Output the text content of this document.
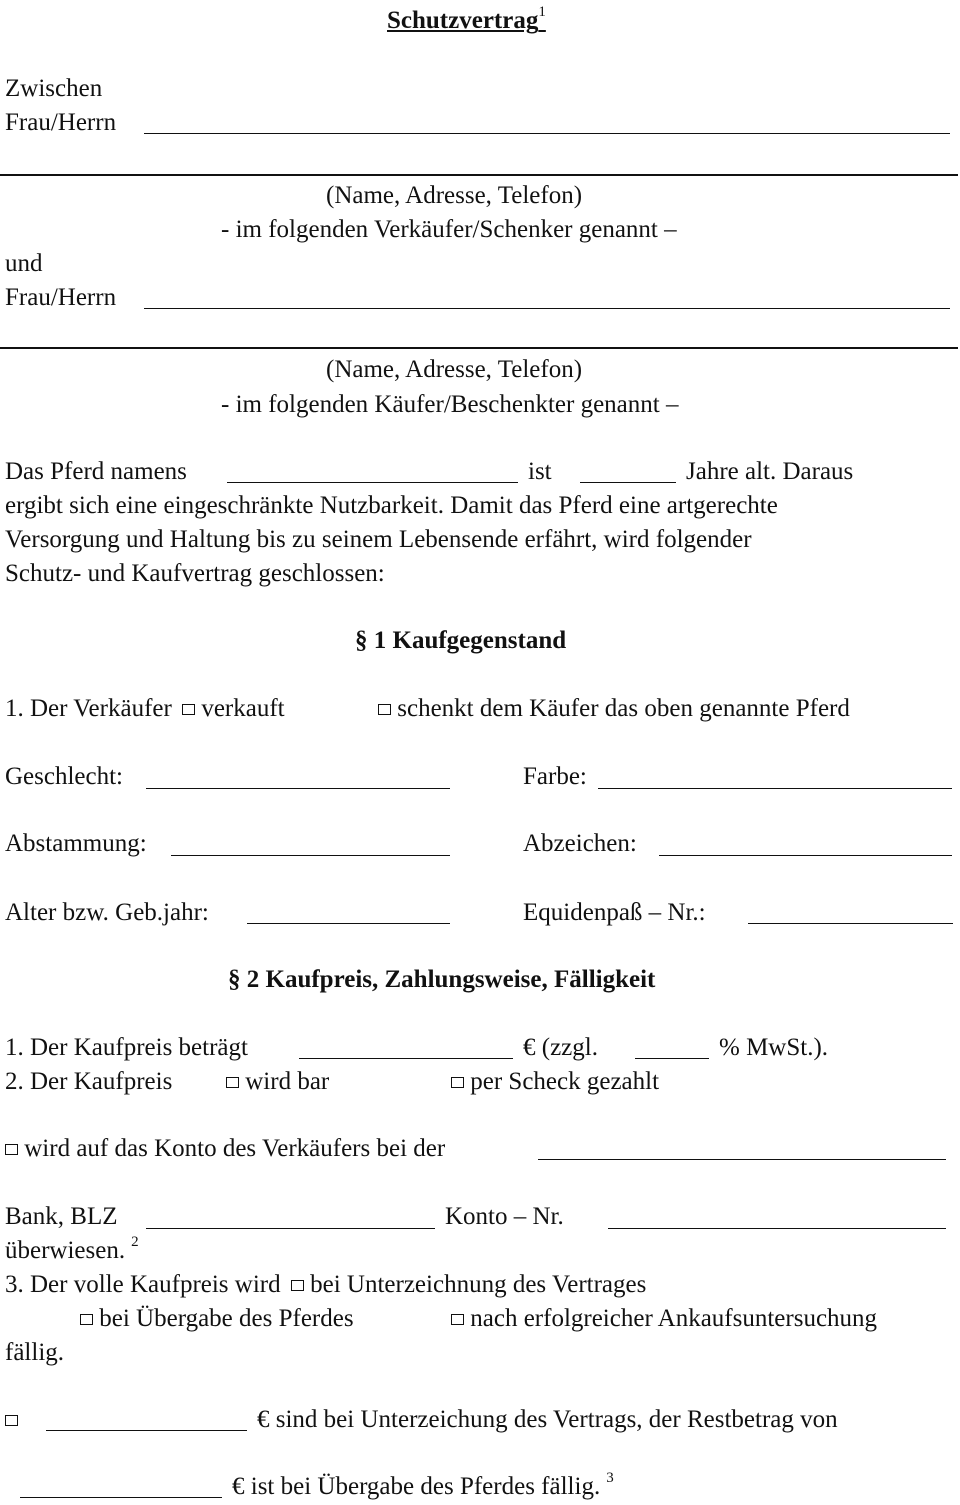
Schutzvertrag$^1$
Zwischen
Frau/Herrn
(Name, Adresse, Telefon)
- im folgenden Verkäufer/Schenker genannt –
und
Frau/Herrn
(Name, Adresse, Telefon)
- im folgenden Käufer/Beschenkter genannt –
Das Pferd namens	ist	Jahre alt. Daraus
ergibt sich eine eingeschränkte Nutzbarkeit. Damit das Pferd eine artgerechte
Versorgung und Haltung bis zu seinem Lebensende erfährt, wird folgender
Schutz- und Kaufvertrag geschlossen:
§ 1 Kaufgegenstand
1. Der Verkäufer verkauft	schenkt dem Käufer das oben genannte Pferd
Geschlecht:	Farbe:
Abstammung:	Abzeichen:
Alter bzw. Geb.jahr:	Equidenpaß – Nr.:
§ 2 Kaufpreis, Zahlungsweise, Fälligkeit
1. Der Kaufpreis beträgt	€ (zzgl.	% MwSt.).
2. Der Kaufpreis	wird bar	per Scheck gezahlt
wird auf das Konto des Verkäufers bei der
Bank, BLZ	Konto – Nr.
überwiesen. $^2$
3. Der volle Kaufpreis wird bei Unterzeichnung des Vertrages
bei Übergabe des Pferdes	nach erfolgreicher Ankaufsuntersuchung
fällig.
€ sind bei Unterzeichung des Vertrags, der Restbetrag von
€ ist bei Übergabe des Pferdes fällig. $^3$
